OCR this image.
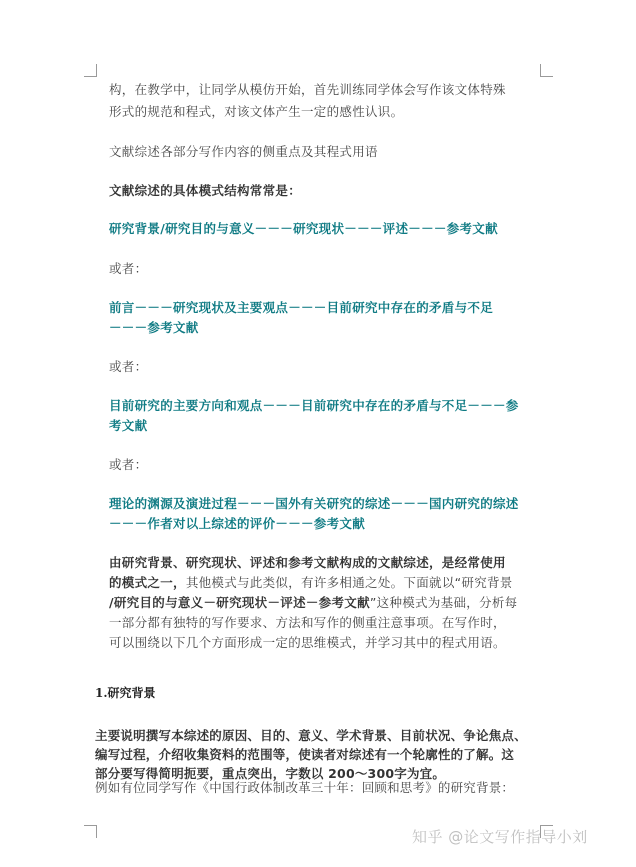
构，在教学中，让同学从模仿开始，首先训练同学体会写作该文体特殊
形式的规范和程式，对该文体产生一定的感性认识。
文献综述各部分写作内容的侧重点及其程式用语
文献综述的具体模式结构常常是：
研究背景/研究目的与意义－－－研究现状－－－评述－－－参考文献
或者：
前言－－－研究现状及主要观点－－－目前研究中存在的矛盾与不足
－－－参考文献
或者：
目前研究的主要方向和观点－－－目前研究中存在的矛盾与不足－－－参
考文献
或者：
理论的渊源及演进过程－－－国外有关研究的综述－－－国内研究的综述
－－－作者对以上综述的评价－－－参考文献
由研究背景、研究现状、评述和参考文献构成的文献综述，是经常使用
的模式之一，其他模式与此类似，有许多相通之处。下面就以“研究背景
/研究目的与意义－研究现状－评述－参考文献”这种模式为基础，分析每
一部分都有独特的写作要求、方法和写作的侧重注意事项。在写作时，
可以围绕以下几个方面形成一定的思维模式，并学习其中的程式用语。
1.研究背景
主要说明撰写本综述的原因、目的、意义、学术背景、目前状况、争论焦点、
编写过程，介绍收集资料的范围等，使读者对综述有一个轮廓性的了解。这
部分要写得简明扼要，重点突出，字数以 200～300字为宜。
例如有位同学写作《中国行政体制改革三十年：回顾和思考》的研究背景：
知乎 @论文写作指导小刘
